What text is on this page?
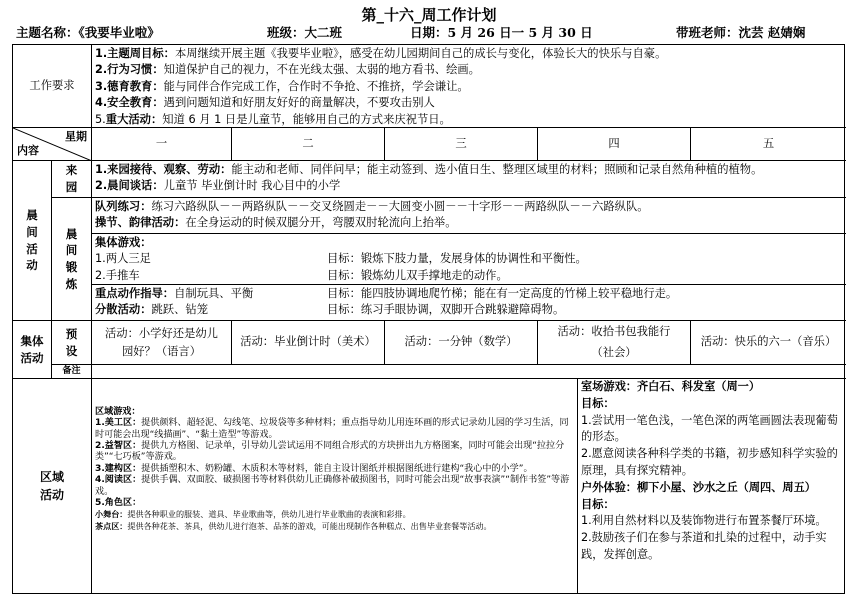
第_十六_周工作计划
主题名称：《我要毕业啦》	班级：大二班	日期：5 月 26 日一 5 月 30 日	带班老师：沈芸 赵婧娴
工作要求
1.主题周目标：本周继续开展主题《我要毕业啦》，感受在幼儿园期间自己的成长与变化，体验长大的快乐与自豪。
2.行为习惯：知道保护自己的视力，不在光线太强、太弱的地方看书、绘画。
3.德育教育：能与同伴合作完成工作，合作时不争抢、不推挤，学会谦让。
4.安全教育：遇到问题知道和好朋友好好的商量解决，不要攻击别人
5.重大活动：知道 6 月 1 日是儿童节，能够用自己的方式来庆祝节日。
星期
内容
一	二	三	四	五
晨
间
活
动
来
园
1.来园接待、观察、劳动：能主动和老师、同伴问早；能主动签到、选小值日生、整理区域里的材料；照顾和记录自然角种植的植物。
2.晨间谈话：儿童节 毕业倒计时 我心目中的小学
晨
间
锻
炼
队列练习：练习六路纵队－－两路纵队－－交叉绕圆走－－大圆变小圆－－十字形－－两路纵队－－六路纵队。
操节、韵律活动：在全身运动的时候双腿分开，弯腰双肘轮流向上抬举。
集体游戏：
1.两人三足	目标：锻炼下肢力量，发展身体的协调性和平衡性。
2.手推车	目标：锻炼幼儿双手撑地走的动作。
重点动作指导：自制玩具、平衡	目标：能四肢协调地爬竹梯；能在有一定高度的竹梯上较平稳地行走。
分散活动：跳跃、钻笼	目标：练习手眼协调，双脚开合跳躲避障碍物。
集体
活动
预
设
活动：小学好还是幼儿
园好？（语言）
活动：毕业倒计时（美术）	活动：一分钟（数学）
活动：收拾书包我能行
（社会）
活动：快乐的六一（音乐）
备注
区域
活动
区域游戏：
1.美工区：提供颜料、超轻泥、勾线笔、垃圾袋等多种材料；重点指导幼儿用连环画的形式记录幼儿园的学习生活，同时可能会出现“线描画”、“黏土造型”等游戏。
2.益智区：提供九方格图、记录单，引导幼儿尝试运用不同组合形式的方块拼出九方格图案，同时可能会出现“拉拉分类”“七巧板”等游戏。
3.建构区：提供插塑积木、奶粉罐、木质积木等材料，能自主设计图纸并根据图纸进行建构“我心中的小学”。
4.阅读区：提供手偶、双面胶、破损图书等材料供幼儿正确修补破损图书，同时可能会出现“故事表演”“制作书签”等游戏。
5.角色区：
小舞台：提供各种职业的服装、道具、毕业歌曲等，供幼儿进行毕业歌曲的表演和彩排。
茶点区：提供各种花茶、茶具，供幼儿进行泡茶、品茶的游戏，可能出现制作各种糕点、出售毕业套餐等活动。
室场游戏：齐白石、科发室（周一）
目标：
1.尝试用一笔色浅，一笔色深的两笔画圆法表现葡萄的形态。
2.愿意阅读各种科学类的书籍，初步感知科学实验的原理，具有探究精神。
户外体验：柳下小屋、沙水之丘（周四、周五）
目标：
1.利用自然材料以及装饰物进行布置茶餐厅环境。
2.鼓励孩子们在参与茶道和扎染的过程中，动手实践，发挥创意。
